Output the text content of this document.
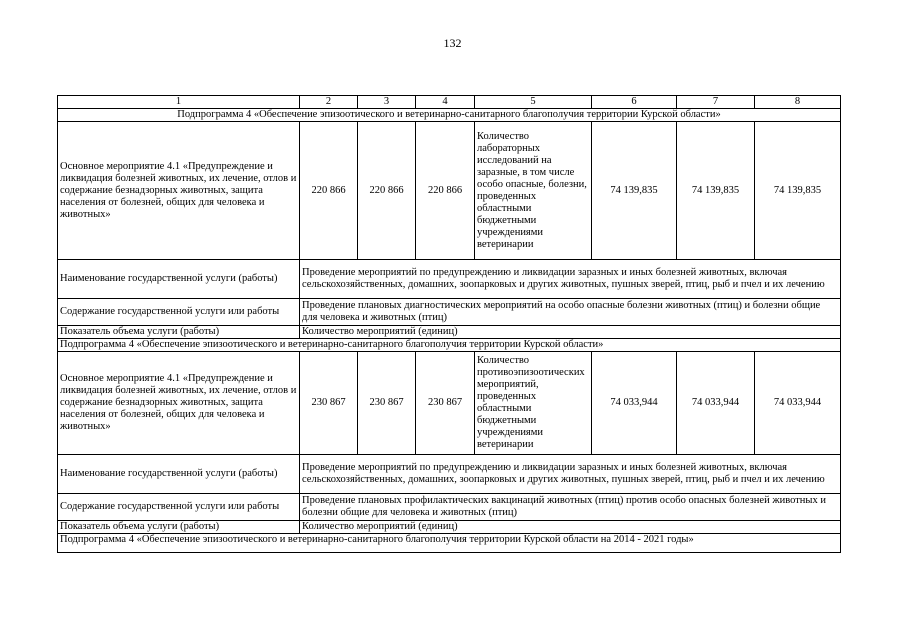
132
1	2	3	4	5	6	7	8
Подпрограмма 4 «Обеспечение эпизоотического и ветеринарно-санитарного благополучия территории Курской области»							
Основное мероприятие 4.1 «Предупреждение и ликвидация болезней животных, их лечение, отлов и содержание безнадзорных животных, защита населения от болезней, общих для человека и животных»	220 866	220 866	220 866	Количество лабораторных исследований на заразные, в том числе особо опасные, болезни, проведенных областными бюджетными учреждениями ветеринарии	74 139,835	74 139,835	74 139,835
Наименование государственной услуги (работы)	Проведение мероприятий по предупреждению и ликвидации заразных и иных болезней животных, включая сельскохозяйственных, домашних, зоопарковых и других животных, пушных зверей, птиц, рыб и пчел и их лечению						
Содержание государственной услуги или работы	Проведение плановых диагностических мероприятий на особо опасные болезни животных (птиц) и болезни общие для человека и животных (птиц)						
Показатель объема услуги (работы)	Количество мероприятий (единиц)						
Подпрограмма 4 «Обеспечение эпизоотического и ветеринарно-санитарного благополучия территории Курской области»							
Основное мероприятие 4.1 «Предупреждение и ликвидация болезней животных, их лечение, отлов и содержание безнадзорных животных, защита населения от болезней, общих для человека и животных»	230 867	230 867	230 867	Количество противоэпизоотических мероприятий, проведенных областными бюджетными учреждениями ветеринарии	74 033,944	74 033,944	74 033,944
Наименование государственной услуги (работы)	Проведение мероприятий по предупреждению и ликвидации заразных и иных болезней животных, включая сельскохозяйственных, домашних, зоопарковых и других животных, пушных зверей, птиц, рыб и пчел и их лечению						
Содержание государственной услуги или работы	Проведение плановых профилактических вакцинаций животных (птиц) против особо опасных болезней животных и болезни общие для человека и животных (птиц)						
Показатель объема услуги (работы)	Количество мероприятий (единиц)						
Подпрограмма 4 «Обеспечение эпизоотического и ветеринарно-санитарного благополучия территории Курской области на 2014 - 2021 годы»							
